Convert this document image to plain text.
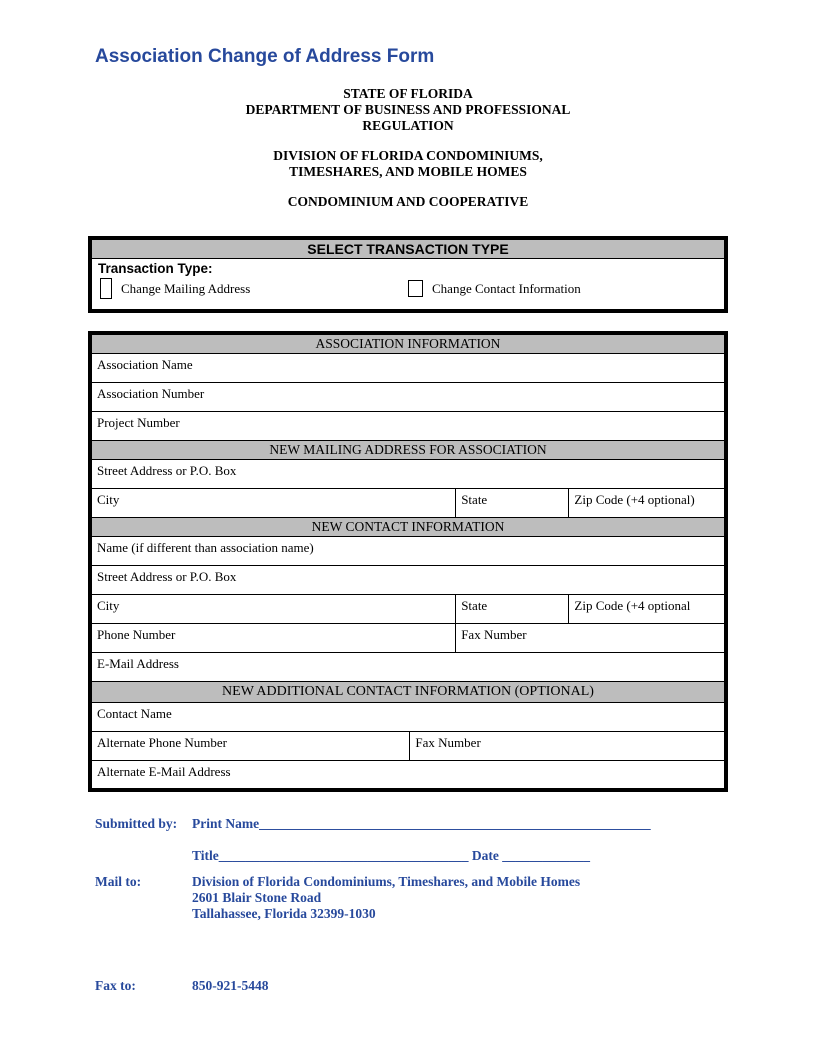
Association Change of Address Form
STATE OF FLORIDA
DEPARTMENT OF BUSINESS AND PROFESSIONAL
REGULATION
DIVISION OF FLORIDA CONDOMINIUMS,
TIMESHARES, AND MOBILE HOMES
CONDOMINIUM AND COOPERATIVE
SELECT TRANSACTION TYPE

Transaction Type:
Change Mailing Address	Change Contact Information
ASSOCIATION INFORMATION			
Association Name			
Association Number			
Project Number			
NEW MAILING ADDRESS FOR ASSOCIATION			
Street Address or P.O. Box			
City		State	Zip Code (+4 optional)
NEW CONTACT INFORMATION			
Name (if different than association name)			
Street Address or P.O. Box			
City		State	Zip Code (+4 optional
Phone Number		Fax Number	
E-Mail Address			
NEW ADDITIONAL CONTACT INFORMATION (OPTIONAL)			
Contact Name			
Alternate Phone Number	Fax Number		
Alternate E-Mail Address			
Submitted by:	Print Name__________________________________________________________
Title_____________________________________ Date _____________
Mail to:	Division of Florida Condominiums, Timeshares, and Mobile Homes
2601 Blair Stone Road
Tallahassee, Florida 32399-1030
Fax to:	850-921-5448
